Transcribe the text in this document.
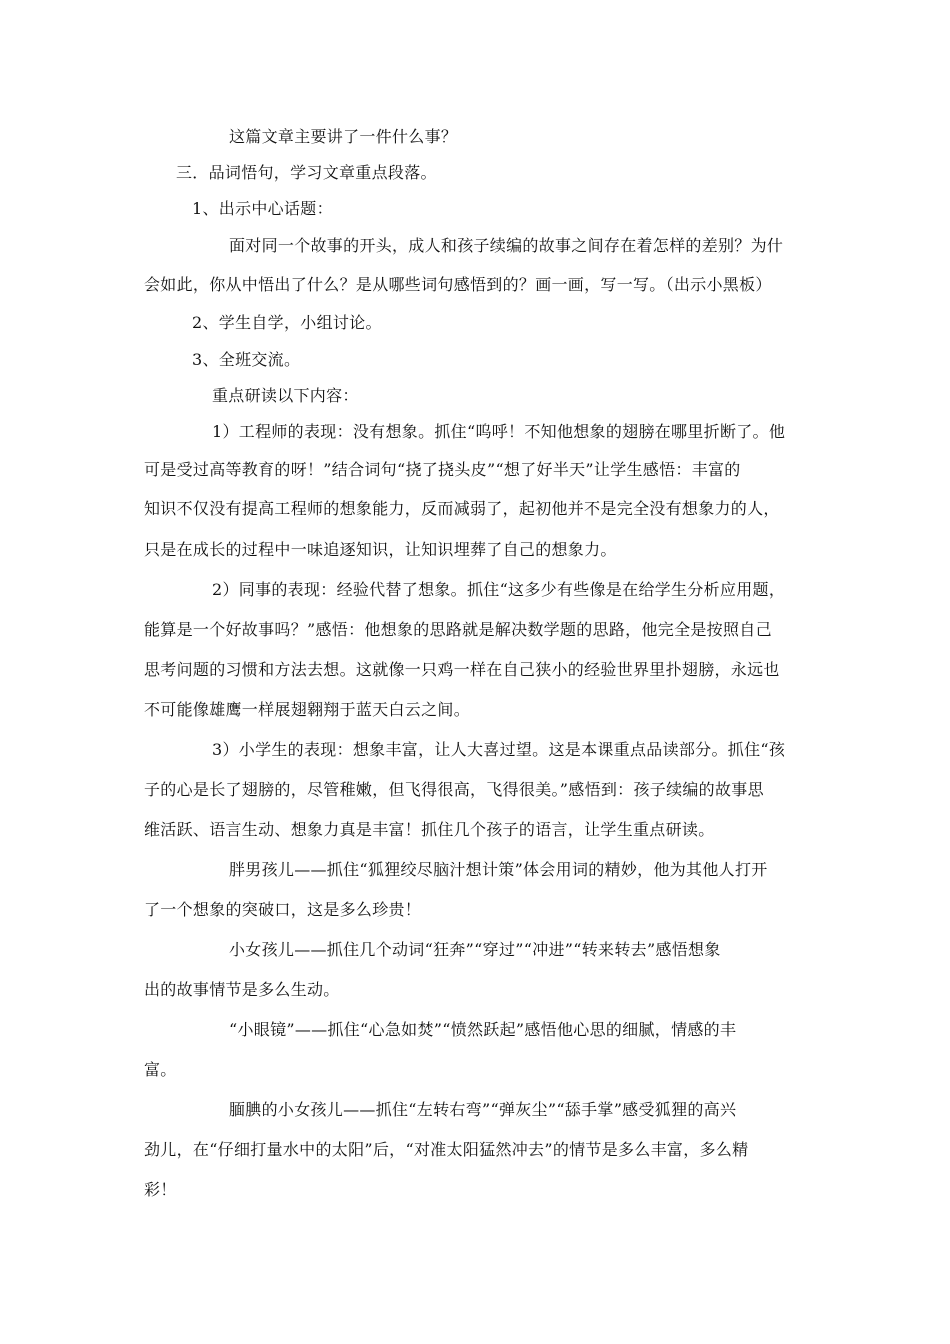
这篇文章主要讲了一件什么事？
三．品词悟句，学习文章重点段落。
1、出示中心话题：
面对同一个故事的开头，成人和孩子续编的故事之间存在着怎样的差别？为什
会如此，你从中悟出了什么？是从哪些词句感悟到的？画一画，写一写。（出示小黑板）
2、学生自学，小组讨论。
3、全班交流。
重点研读以下内容：
1）工程师的表现：没有想象。抓住“呜呼！不知他想象的翅膀在哪里折断了。他
可是受过高等教育的呀！”结合词句“挠了挠头皮”“想了好半天”让学生感悟：丰富的
知识不仅没有提高工程师的想象能力，反而减弱了，起初他并不是完全没有想象力的人，
只是在成长的过程中一味追逐知识，让知识埋葬了自己的想象力。
2）同事的表现：经验代替了想象。抓住“这多少有些像是在给学生分析应用题，
能算是一个好故事吗？”感悟：他想象的思路就是解决数学题的思路，他完全是按照自己
思考问题的习惯和方法去想。这就像一只鸡一样在自己狭小的经验世界里扑翅膀，永远也
不可能像雄鹰一样展翅翱翔于蓝天白云之间。
3）小学生的表现：想象丰富，让人大喜过望。这是本课重点品读部分。抓住“孩
子的心是长了翅膀的，尽管稚嫩，但飞得很高，飞得很美。”感悟到：孩子续编的故事思
维活跃、语言生动、想象力真是丰富！抓住几个孩子的语言，让学生重点研读。
胖男孩儿——抓住“狐狸绞尽脑汁想计策”体会用词的精妙，他为其他人打开
了一个想象的突破口，这是多么珍贵！
小女孩儿——抓住几个动词“狂奔”“穿过”“冲进”“转来转去”感悟想象
出的故事情节是多么生动。
“小眼镜”——抓住“心急如焚”“愤然跃起”感悟他心思的细腻，情感的丰
富。
腼腆的小女孩儿——抓住“左转右弯”“弹灰尘”“舔手掌”感受狐狸的高兴
劲儿，在“仔细打量水中的太阳”后，“对准太阳猛然冲去”的情节是多么丰富，多么精
彩！
